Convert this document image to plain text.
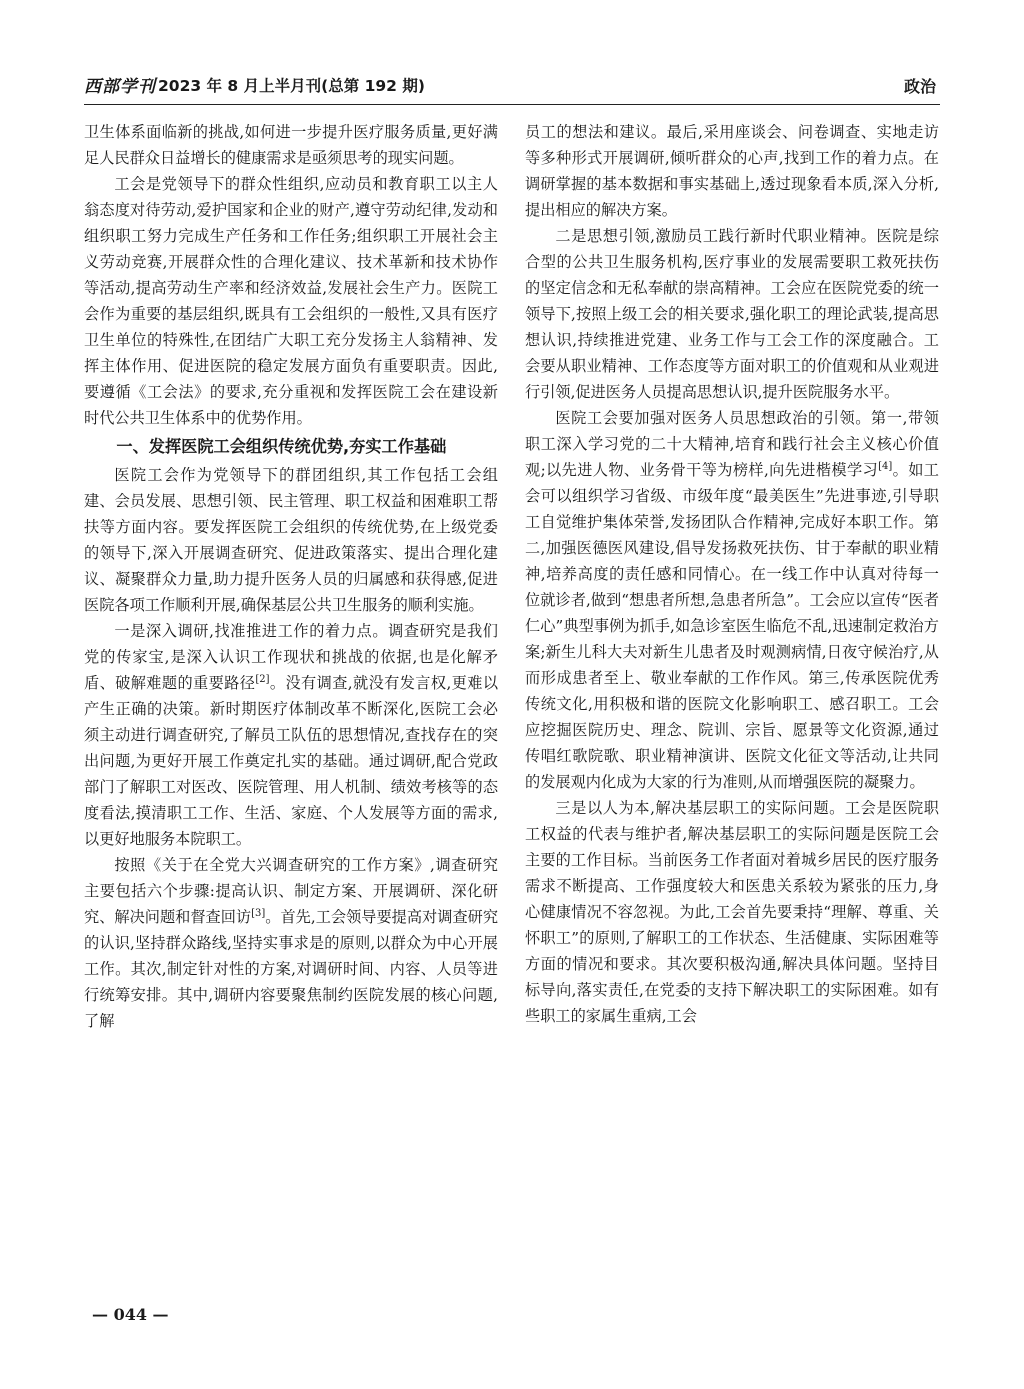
西部学刊 2023 年 8 月上半月刊(总第 192 期)	政治

卫生体系面临新的挑战,如何进一步提升医疗服务质量,更好满足人民群众日益增长的健康需求是亟须思考的现实问题。

工会是党领导下的群众性组织,应动员和教育职工以主人翁态度对待劳动,爱护国家和企业的财产,遵守劳动纪律,发动和组织职工努力完成生产任务和工作任务;组织职工开展社会主义劳动竞赛,开展群众性的合理化建议、技术革新和技术协作等活动,提高劳动生产率和经济效益,发展社会生产力。医院工会作为重要的基层组织,既具有工会组织的一般性,又具有医疗卫生单位的特殊性,在团结广大职工充分发扬主人翁精神、发挥主体作用、促进医院的稳定发展方面负有重要职责。因此,要遵循《工会法》的要求,充分重视和发挥医院工会在建设新时代公共卫生体系中的优势作用。

一、发挥医院工会组织传统优势,夯实工作基础

医院工会作为党领导下的群团组织,其工作包括工会组建、会员发展、思想引领、民主管理、职工权益和困难职工帮扶等方面内容。要发挥医院工会组织的传统优势,在上级党委的领导下,深入开展调查研究、促进政策落实、提出合理化建议、凝聚群众力量,助力提升医务人员的归属感和获得感,促进医院各项工作顺利开展,确保基层公共卫生服务的顺利实施。

一是深入调研,找准推进工作的着力点。调查研究是我们党的传家宝,是深入认识工作现状和挑战的依据,也是化解矛盾、破解难题的重要路径[2]。没有调查,就没有发言权,更难以产生正确的决策。新时期医疗体制改革不断深化,医院工会必须主动进行调查研究,了解员工队伍的思想情况,查找存在的突出问题,为更好开展工作奠定扎实的基础。通过调研,配合党政部门了解职工对医改、医院管理、用人机制、绩效考核等的态度看法,摸清职工工作、生活、家庭、个人发展等方面的需求,以更好地服务本院职工。

按照《关于在全党大兴调查研究的工作方案》,调查研究主要包括六个步骤:提高认识、制定方案、开展调研、深化研究、解决问题和督查回访[3]。首先,工会领导要提高对调查研究的认识,坚持群众路线,坚持实事求是的原则,以群众为中心开展工作。其次,制定针对性的方案,对调研时间、内容、人员等进行统筹安排。其中,调研内容要聚焦制约医院发展的核心问题,了解

员工的想法和建议。最后,采用座谈会、问卷调查、实地走访等多种形式开展调研,倾听群众的心声,找到工作的着力点。在调研掌握的基本数据和事实基础上,透过现象看本质,深入分析,提出相应的解决方案。

二是思想引领,激励员工践行新时代职业精神。医院是综合型的公共卫生服务机构,医疗事业的发展需要职工救死扶伤的坚定信念和无私奉献的崇高精神。工会应在医院党委的统一领导下,按照上级工会的相关要求,强化职工的理论武装,提高思想认识,持续推进党建、业务工作与工会工作的深度融合。工会要从职业精神、工作态度等方面对职工的价值观和从业观进行引领,促进医务人员提高思想认识,提升医院服务水平。

医院工会要加强对医务人员思想政治的引领。第一,带领职工深入学习党的二十大精神,培育和践行社会主义核心价值观;以先进人物、业务骨干等为榜样,向先进楷模学习[4]。如工会可以组织学习省级、市级年度“最美医生”先进事迹,引导职工自觉维护集体荣誉,发扬团队合作精神,完成好本职工作。第二,加强医德医风建设,倡导发扬救死扶伤、甘于奉献的职业精神,培养高度的责任感和同情心。在一线工作中认真对待每一位就诊者,做到“想患者所想,急患者所急”。工会应以宣传“医者仁心”典型事例为抓手,如急诊室医生临危不乱,迅速制定救治方案;新生儿科大夫对新生儿患者及时观测病情,日夜守候治疗,从而形成患者至上、敬业奉献的工作作风。第三,传承医院优秀传统文化,用积极和谐的医院文化影响职工、感召职工。工会应挖掘医院历史、理念、院训、宗旨、愿景等文化资源,通过传唱红歌院歌、职业精神演讲、医院文化征文等活动,让共同的发展观内化成为大家的行为准则,从而增强医院的凝聚力。

三是以人为本,解决基层职工的实际问题。工会是医院职工权益的代表与维护者,解决基层职工的实际问题是医院工会主要的工作目标。当前医务工作者面对着城乡居民的医疗服务需求不断提高、工作强度较大和医患关系较为紧张的压力,身心健康情况不容忽视。为此,工会首先要秉持“理解、尊重、关怀职工”的原则,了解职工的工作状态、生活健康、实际困难等方面的情况和要求。其次要积极沟通,解决具体问题。坚持目标导向,落实责任,在党委的支持下解决职工的实际困难。如有些职工的家属生重病,工会

— 044 —
